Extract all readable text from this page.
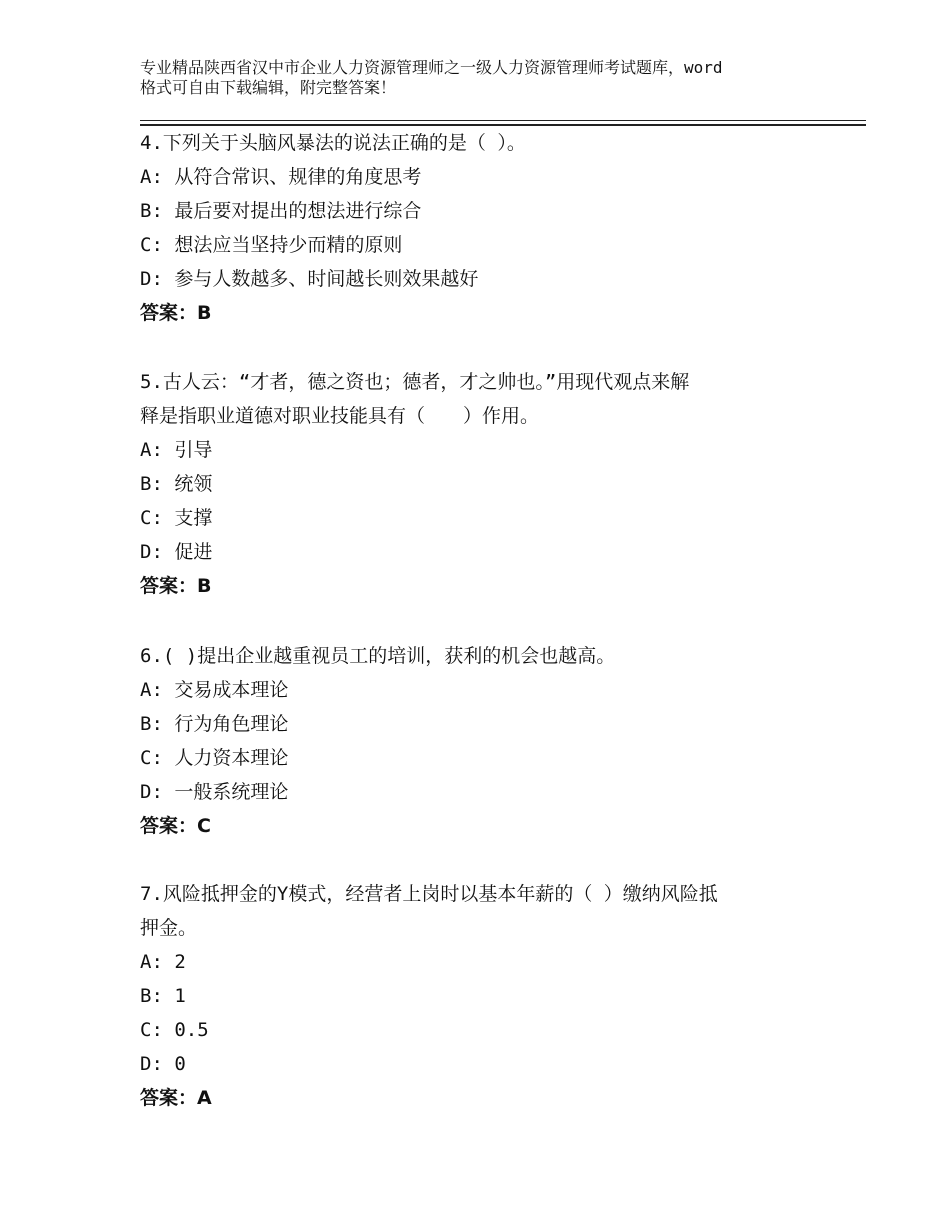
专业精品陕西省汉中市企业人力资源管理师之一级人力资源管理师考试题库，word
格式可自由下载编辑，附完整答案！
4.下列关于头脑风暴法的说法正确的是（ ）。
A: 从符合常识、规律的角度思考
B: 最后要对提出的想法进行综合
C: 想法应当坚持少而精的原则
D: 参与人数越多、时间越长则效果越好
答案：B
5.古人云：“才者，德之资也；德者，才之帅也。”用现代观点来解
释是指职业道德对职业技能具有（　　）作用。
A: 引导
B: 统领
C: 支撑
D: 促进
答案：B
6.( )提出企业越重视员工的培训，获利的机会也越高。
A: 交易成本理论
B: 行为角色理论
C: 人力资本理论
D: 一般系统理论
答案：C
7.风险抵押金的Y模式，经营者上岗时以基本年薪的（ ）缴纳风险抵
押金。
A: 2
B: 1
C: 0.5
D: 0
答案：A
